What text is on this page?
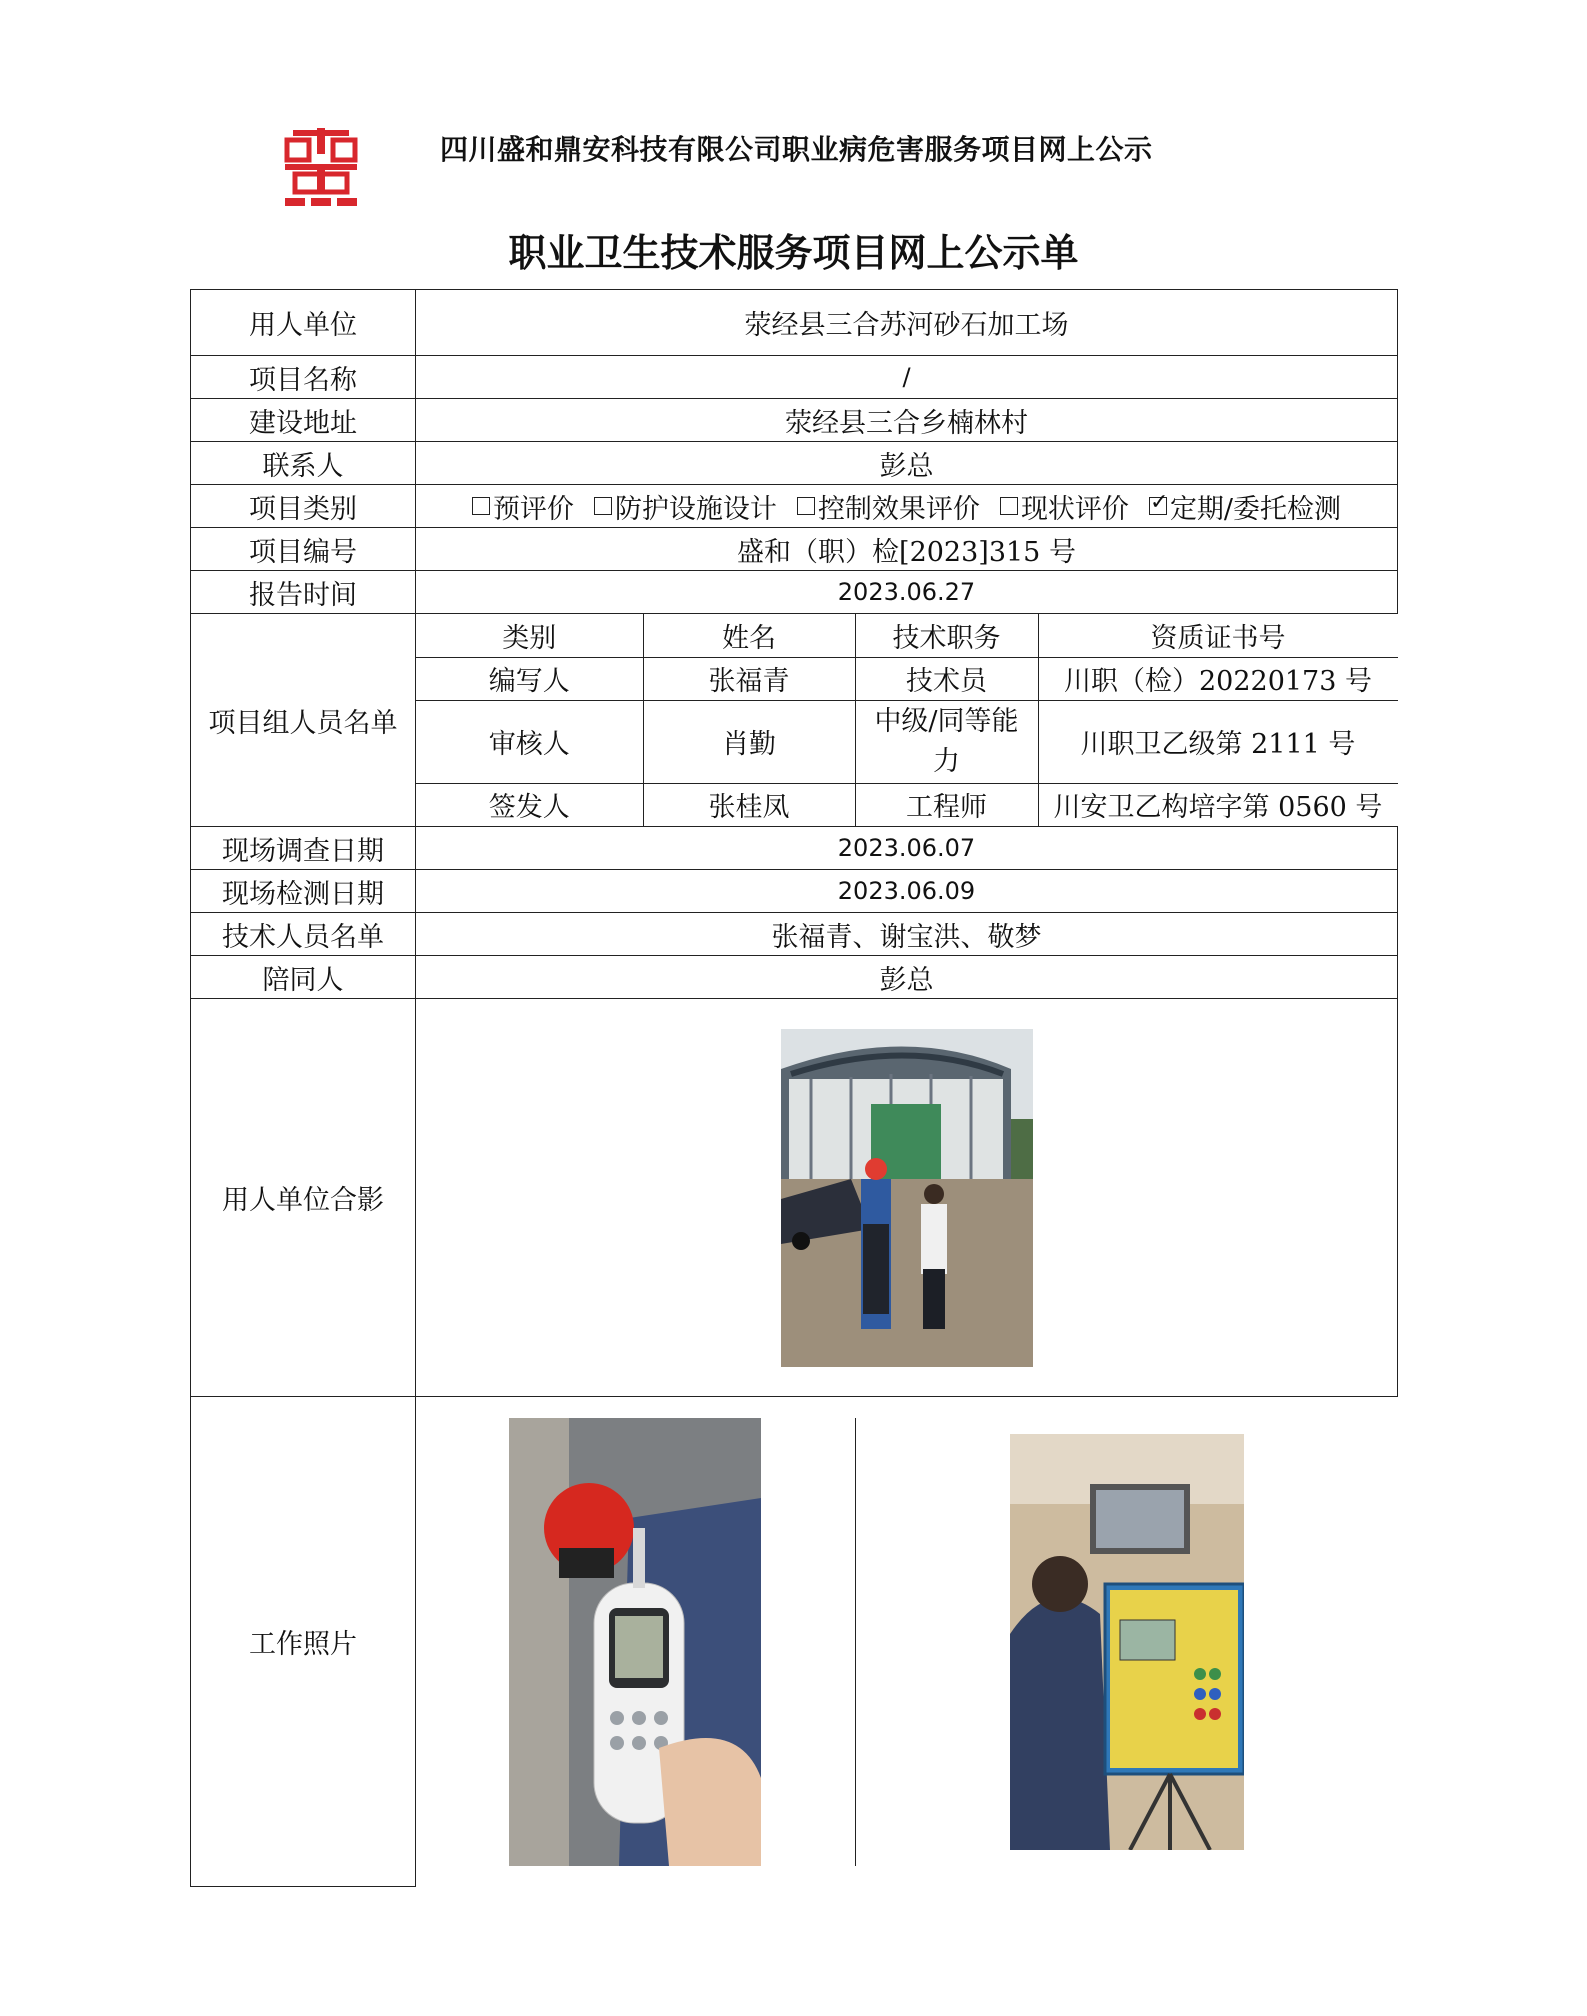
四川盛和鼎安科技有限公司职业病危害服务项目网上公示
职业卫生技术服务项目网上公示单
用人单位	荥经县三合苏河砂石加工场
项目名称	/
建设地址	荥经县三合乡楠林村
联系人	彭总
项目类别	预评价 防护设施设计 控制效果评价 现状评价
✓ 定期/委托检测

项目编号	盛和（职）检[2023]315 号
报告时间	2023.06.27
项目组人员名单	
类别	姓名	技术职务	资质证书号
编写人	张福青	技术员	川职（检）20220173 号
审核人	肖勤	中级/同等能力	川职卫乙级第 2111 号
签发人	张桂凤	工程师	川安卫乙构培字第 0560 号

现场调查日期	2023.06.07
现场检测日期	2023.06.09
技术人员名单	张福青、谢宝洪、敬梦
陪同人	彭总
用人单位合影	

工作照片	
